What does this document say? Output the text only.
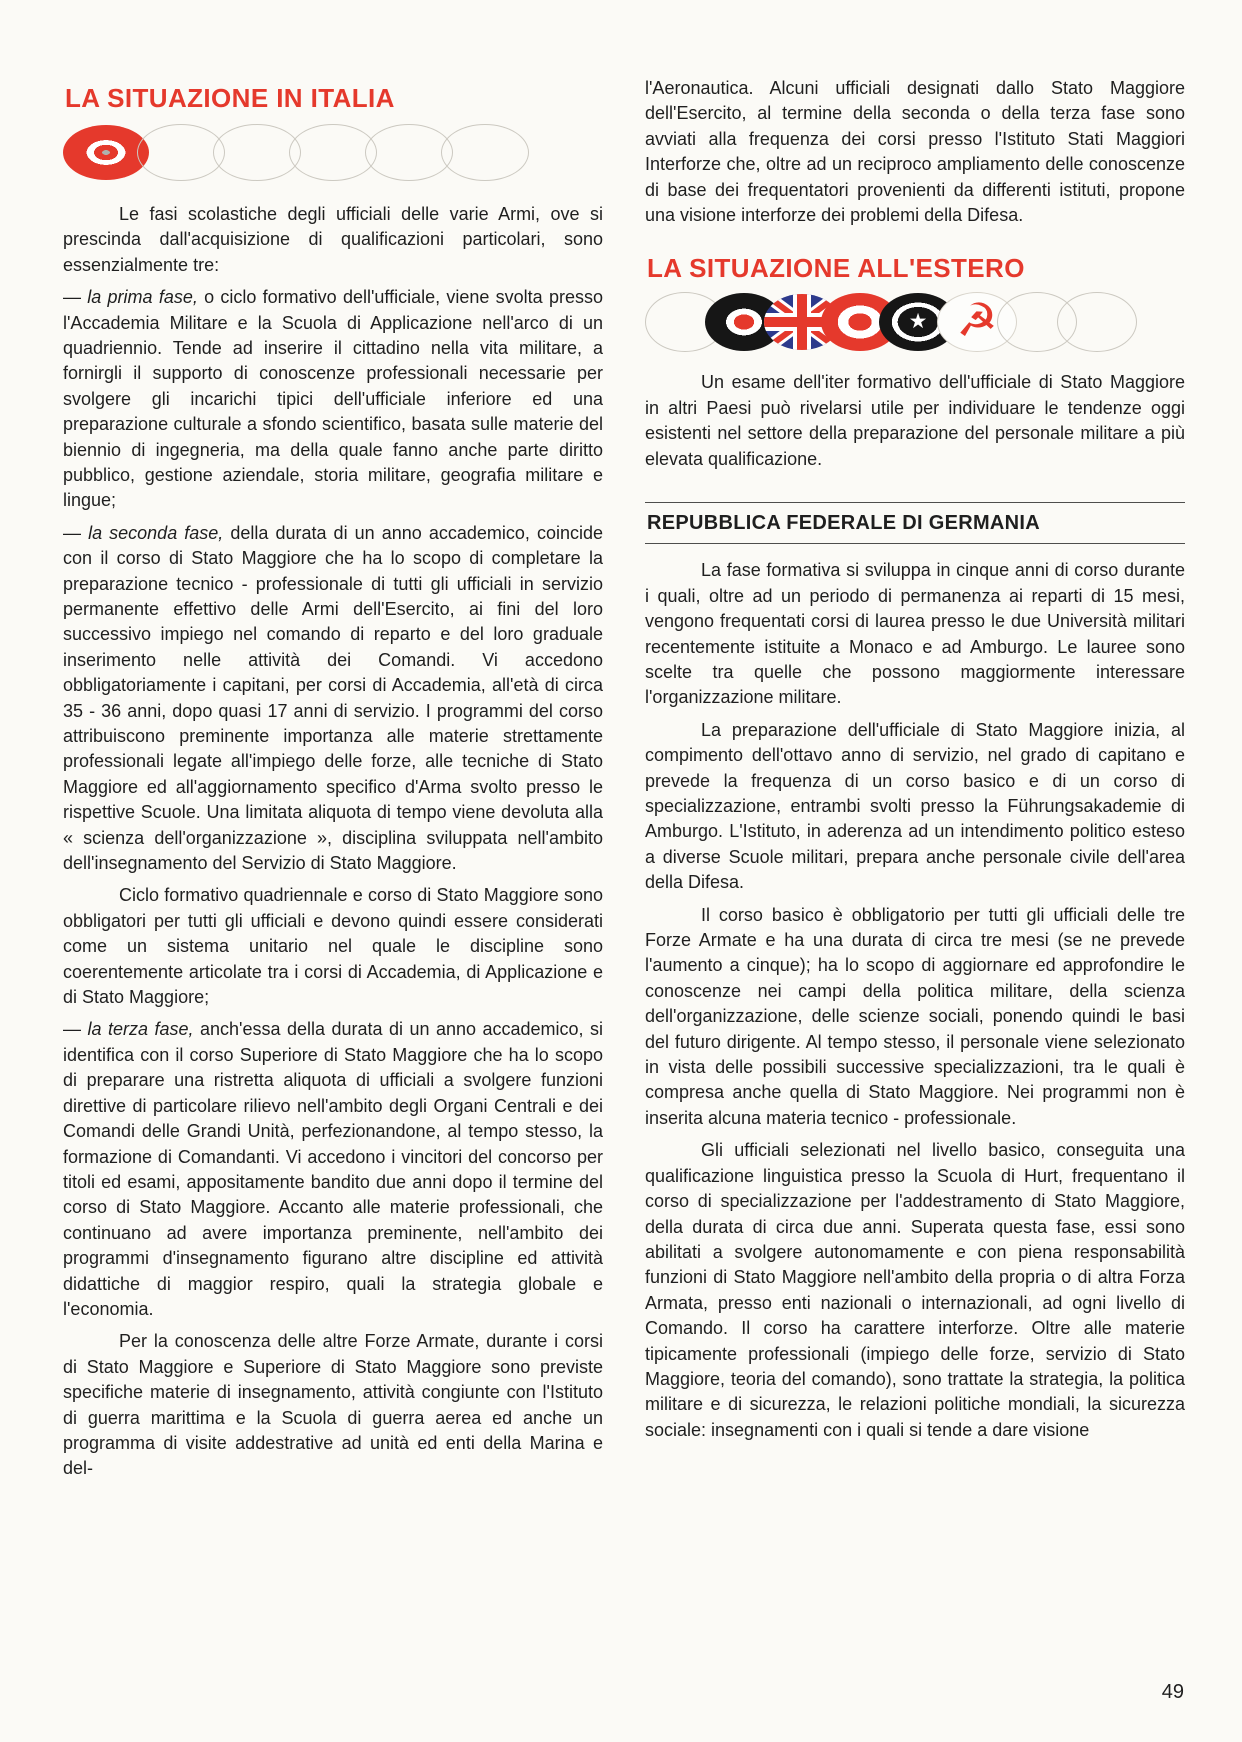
LA SITUAZIONE IN ITALIA

Le fasi scolastiche degli ufficiali delle varie Armi, ove si prescinda dall'acquisizione di qualificazioni particolari, sono essenzialmente tre:

— la prima fase, o ciclo formativo dell'ufficiale, viene svolta presso l'Accademia Militare e la Scuola di Applicazione nell'arco di un quadriennio. Tende ad inserire il cittadino nella vita militare, a fornirgli il supporto di conoscenze professionali necessarie per svolgere gli incarichi tipici dell'ufficiale inferiore ed una preparazione culturale a sfondo scientifico, basata sulle materie del biennio di ingegneria, ma della quale fanno anche parte diritto pubblico, gestione aziendale, storia militare, geografia militare e lingue;

— la seconda fase, della durata di un anno accademico, coincide con il corso di Stato Maggiore che ha lo scopo di completare la preparazione tecnico - professionale di tutti gli ufficiali in servizio permanente effettivo delle Armi dell'Esercito, ai fini del loro successivo impiego nel comando di reparto e del loro graduale inserimento nelle attività dei Comandi. Vi accedono obbligatoriamente i capitani, per corsi di Accademia, all'età di circa 35 - 36 anni, dopo quasi 17 anni di servizio. I programmi del corso attribuiscono preminente importanza alle materie strettamente professionali legate all'impiego delle forze, alle tecniche di Stato Maggiore ed all'aggiornamento specifico d'Arma svolto presso le rispettive Scuole. Una limitata aliquota di tempo viene devoluta alla « scienza dell'organizzazione », disciplina sviluppata nell'ambito dell'insegnamento del Servizio di Stato Maggiore.

Ciclo formativo quadriennale e corso di Stato Maggiore sono obbligatori per tutti gli ufficiali e devono quindi essere considerati come un sistema unitario nel quale le discipline sono coerentemente articolate tra i corsi di Accademia, di Applicazione e di Stato Maggiore;

— la terza fase, anch'essa della durata di un anno accademico, si identifica con il corso Superiore di Stato Maggiore che ha lo scopo di preparare una ristretta aliquota di ufficiali a svolgere funzioni direttive di particolare rilievo nell'ambito degli Organi Centrali e dei Comandi delle Grandi Unità, perfezionandone, al tempo stesso, la formazione di Comandanti. Vi accedono i vincitori del concorso per titoli ed esami, appositamente bandito due anni dopo il termine del corso di Stato Maggiore. Accanto alle materie professionali, che continuano ad avere importanza preminente, nell'ambito dei programmi d'insegnamento figurano altre discipline ed attività didattiche di maggior respiro, quali la strategia globale e l'economia.

Per la conoscenza delle altre Forze Armate, durante i corsi di Stato Maggiore e Superiore di Stato Maggiore sono previste specifiche materie di insegnamento, attività congiunte con l'Istituto di guerra marittima e la Scuola di guerra aerea ed anche un programma di visite addestrative ad unità ed enti della Marina e del-

l'Aeronautica. Alcuni ufficiali designati dallo Stato Maggiore dell'Esercito, al termine della seconda o della terza fase sono avviati alla frequenza dei corsi presso l'Istituto Stati Maggiori Interforze che, oltre ad un reciproco ampliamento delle conoscenze di base dei frequentatori provenienti da differenti istituti, propone una visione interforze dei problemi della Difesa.

LA SITUAZIONE ALL'ESTERO
★ ☭

Un esame dell'iter formativo dell'ufficiale di Stato Maggiore in altri Paesi può rivelarsi utile per individuare le tendenze oggi esistenti nel settore della preparazione del personale militare a più elevata qualificazione.

REPUBBLICA FEDERALE DI GERMANIA

La fase formativa si sviluppa in cinque anni di corso durante i quali, oltre ad un periodo di permanenza ai reparti di 15 mesi, vengono frequentati corsi di laurea presso le due Università militari recentemente istituite a Monaco e ad Amburgo. Le lauree sono scelte tra quelle che possono maggiormente interessare l'organizzazione militare.

La preparazione dell'ufficiale di Stato Maggiore inizia, al compimento dell'ottavo anno di servizio, nel grado di capitano e prevede la frequenza di un corso basico e di un corso di specializzazione, entrambi svolti presso la Führungsakademie di Amburgo. L'Istituto, in aderenza ad un intendimento politico esteso a diverse Scuole militari, prepara anche personale civile dell'area della Difesa.

Il corso basico è obbligatorio per tutti gli ufficiali delle tre Forze Armate e ha una durata di circa tre mesi (se ne prevede l'aumento a cinque); ha lo scopo di aggiornare ed approfondire le conoscenze nei campi della politica militare, della scienza dell'organizzazione, delle scienze sociali, ponendo quindi le basi del futuro dirigente. Al tempo stesso, il personale viene selezionato in vista delle possibili successive specializzazioni, tra le quali è compresa anche quella di Stato Maggiore. Nei programmi non è inserita alcuna materia tecnico - professionale.

Gli ufficiali selezionati nel livello basico, conseguita una qualificazione linguistica presso la Scuola di Hurt, frequentano il corso di specializzazione per l'addestramento di Stato Maggiore, della durata di circa due anni. Superata questa fase, essi sono abilitati a svolgere autonomamente e con piena responsabilità funzioni di Stato Maggiore nell'ambito della propria o di altra Forza Armata, presso enti nazionali o internazionali, ad ogni livello di Comando. Il corso ha carattere interforze. Oltre alle materie tipicamente professionali (impiego delle forze, servizio di Stato Maggiore, teoria del comando), sono trattate la strategia, la politica militare e di sicurezza, le relazioni politiche mondiali, la sicurezza sociale: insegnamenti con i quali si tende a dare visione

49
